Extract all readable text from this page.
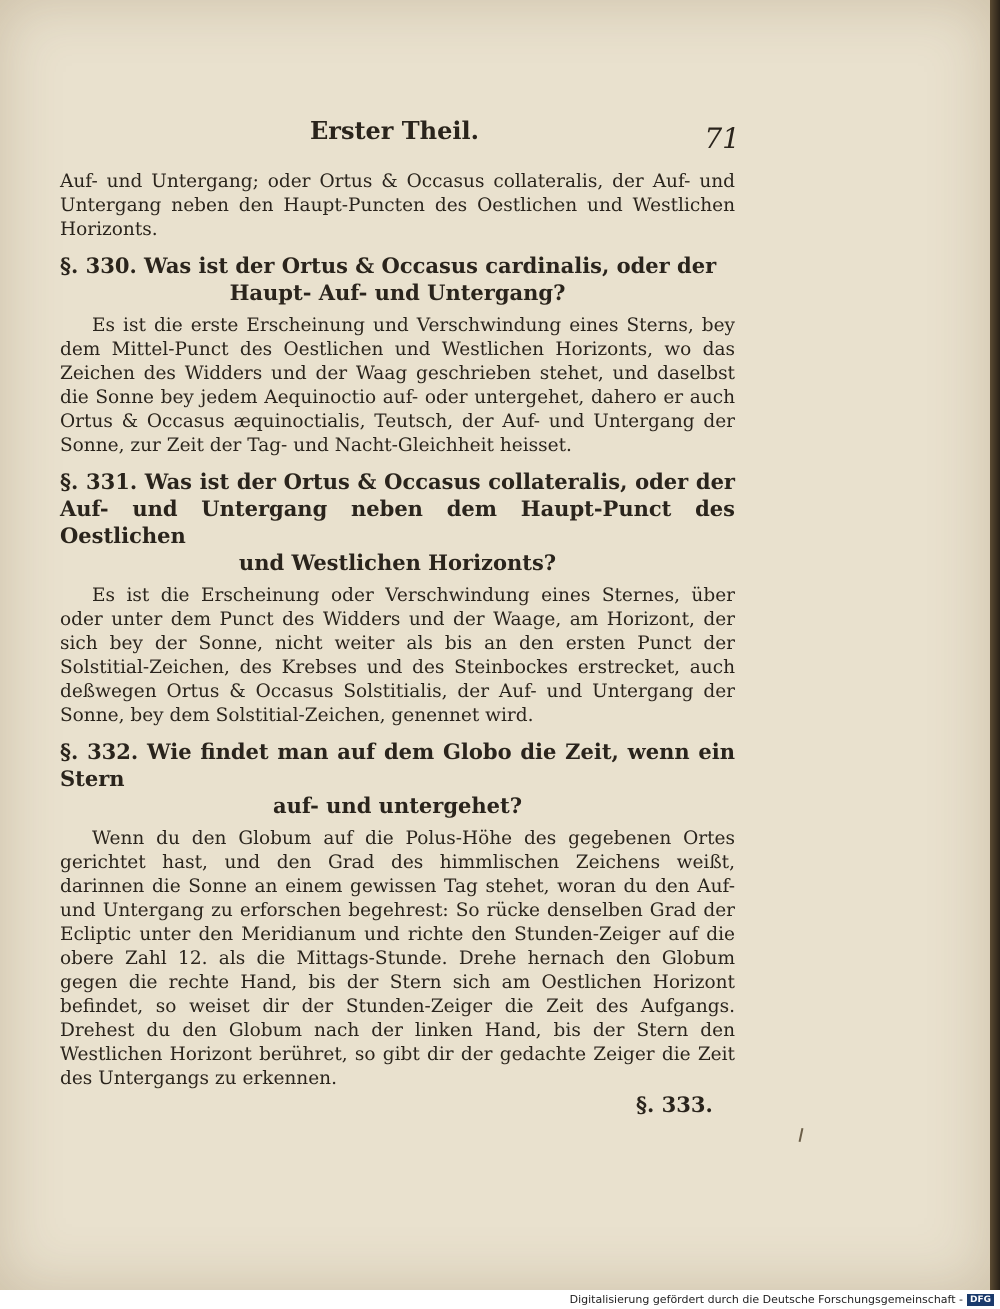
Erster Theil.	71

Auf- und Untergang; oder Ortus & Occasus collateralis, der Auf- und Untergang neben den Haupt-Puncten des Oestlichen und Westlichen Horizonts.

§. 330. Was ist der Ortus & Occasus cardinalis, oder der
Haupt- Auf- und Untergang?

Es ist die erste Erscheinung und Verschwindung eines Sterns, bey dem Mittel-Punct des Oestlichen und Westlichen Horizonts, wo das Zeichen des Widders und der Waag geschrieben stehet, und daselbst die Sonne bey jedem Aequinoctio auf- oder untergehet, dahero er auch Ortus & Occasus æquinoctialis, Teutsch, der Auf- und Untergang der Sonne, zur Zeit der Tag- und Nacht-Gleichheit heisset.

§. 331. Was ist der Ortus & Occasus collateralis, oder der Auf- und Untergang neben dem Haupt-Punct des Oestlichen
und Westlichen Horizonts?

Es ist die Erscheinung oder Verschwindung eines Sternes, über oder unter dem Punct des Widders und der Waage, am Horizont, der sich bey der Sonne, nicht weiter als bis an den ersten Punct der Solstitial-Zeichen, des Krebses und des Steinbockes erstrecket, auch deßwegen Ortus & Occasus Solstitialis, der Auf- und Untergang der Sonne, bey dem Solstitial-Zeichen, genennet wird.

§. 332. Wie findet man auf dem Globo die Zeit, wenn ein Stern
auf- und untergehet?

Wenn du den Globum auf die Polus-Höhe des gegebenen Ortes gerichtet hast, und den Grad des himmlischen Zeichens weißt, darinnen die Sonne an einem gewissen Tag stehet, woran du den Auf- und Untergang zu erforschen begehrest: So rücke denselben Grad der Ecliptic unter den Meridianum und richte den Stunden-Zeiger auf die obere Zahl 12. als die Mittags-Stunde. Drehe hernach den Globum gegen die rechte Hand, bis der Stern sich am Oestlichen Horizont befindet, so weiset dir der Stunden-Zeiger die Zeit des Aufgangs. Drehest du den Globum nach der linken Hand, bis der Stern den Westlichen Horizont berühret, so gibt dir der gedachte Zeiger die Zeit des Untergangs zu erkennen.

§. 333.
Digitalisierung gefördert durch die Deutsche Forschungsgemeinschaft - DFG
